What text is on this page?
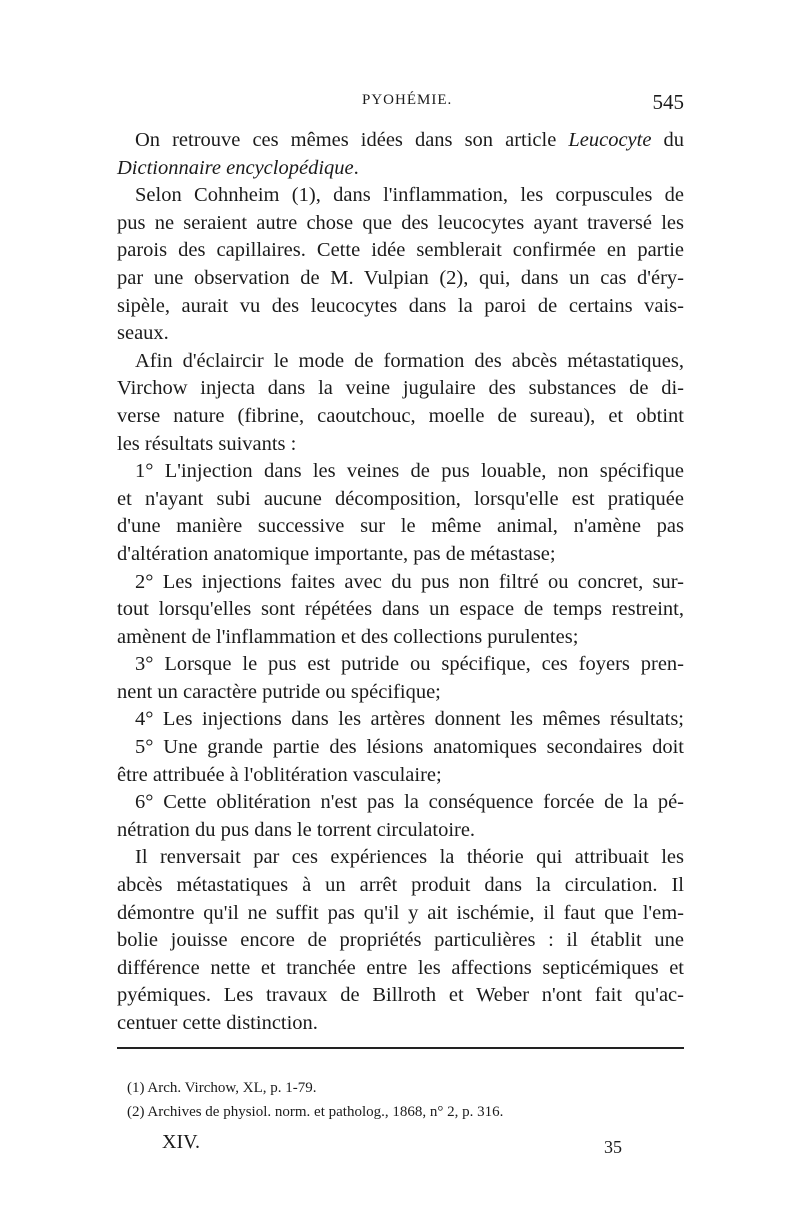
PYOHÉMIE.	545
On retrouve ces mêmes idées dans son article Leucocyte du
Dictionnaire encyclopédique.
Selon Cohnheim (1), dans l'inflammation, les corpuscules de
pus ne seraient autre chose que des leucocytes ayant traversé les
parois des capillaires. Cette idée semblerait confirmée en partie
par une observation de M. Vulpian (2), qui, dans un cas d'éry-
sipèle, aurait vu des leucocytes dans la paroi de certains vais-
seaux.
Afin d'éclaircir le mode de formation des abcès métastatiques,
Virchow injecta dans la veine jugulaire des substances de di-
verse nature (fibrine, caoutchouc, moelle de sureau), et obtint
les résultats suivants :
1° L'injection dans les veines de pus louable, non spécifique
et n'ayant subi aucune décomposition, lorsqu'elle est pratiquée
d'une manière successive sur le même animal, n'amène pas
d'altération anatomique importante, pas de métastase;
2° Les injections faites avec du pus non filtré ou concret, sur-
tout lorsqu'elles sont répétées dans un espace de temps restreint,
amènent de l'inflammation et des collections purulentes;
3° Lorsque le pus est putride ou spécifique, ces foyers pren-
nent un caractère putride ou spécifique;
4° Les injections dans les artères donnent les mêmes résultats;
5° Une grande partie des lésions anatomiques secondaires doit
être attribuée à l'oblitération vasculaire;
6° Cette oblitération n'est pas la conséquence forcée de la pé-
nétration du pus dans le torrent circulatoire.
Il renversait par ces expériences la théorie qui attribuait les
abcès métastatiques à un arrêt produit dans la circulation. Il
démontre qu'il ne suffit pas qu'il y ait ischémie, il faut que l'em-
bolie jouisse encore de propriétés particulières : il établit une
différence nette et tranchée entre les affections septicémiques et
pyémiques. Les travaux de Billroth et Weber n'ont fait qu'ac-
centuer cette distinction.
(1) Arch. Virchow, XL, p. 1-79.
(2) Archives de physiol. norm. et patholog., 1868, n° 2, p. 316.
XIV.	35
